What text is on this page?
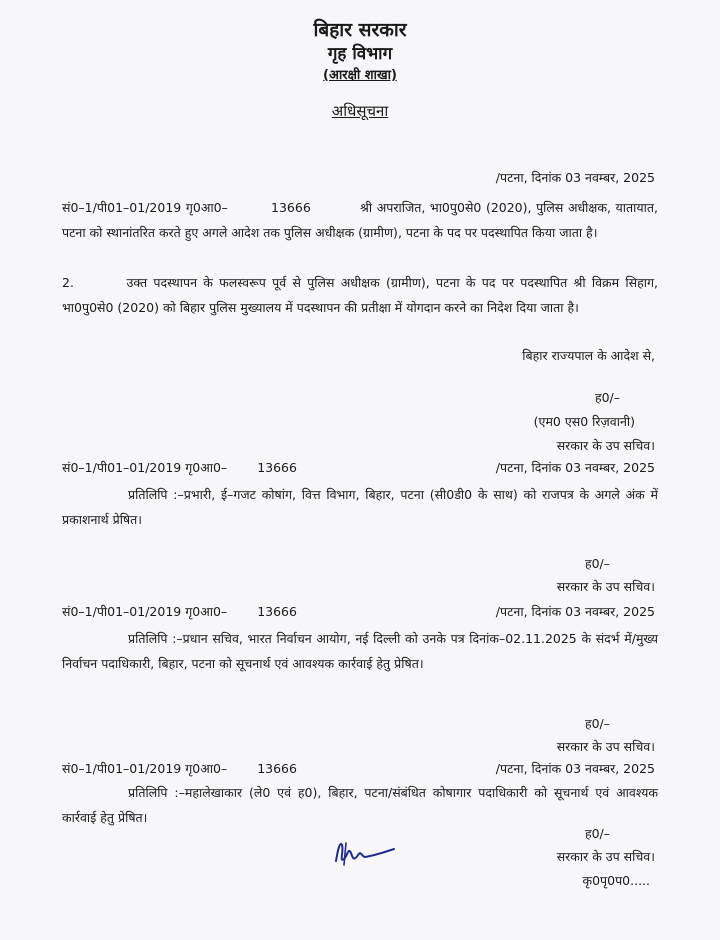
बिहार सरकार
गृह विभाग
(आरक्षी शाखा)
अधिसूचना
/पटना, दिनांक 03 नवम्बर, 2025
सं0–1/पी01–01/2019 गृ0आ0–	13666	श्री अपराजित, भा0पु0से0 (2020), पुलिस अधीक्षक, यातायात, पटना को स्थानांतरित करते हुए अगले आदेश तक पुलिस अधीक्षक (ग्रामीण), पटना के पद पर पदस्थापित किया जाता है।
2.	उक्त पदस्थापन के फलस्वरूप पूर्व से पुलिस अधीक्षक (ग्रामीण), पटना के पद पर पदस्थापित श्री विक्रम सिहाग, भा0पु0से0 (2020) को बिहार पुलिस मुख्यालय में पदस्थापन की प्रतीक्षा में योगदान करने का निदेश दिया जाता है।
बिहार राज्यपाल के आदेश से,
ह0/–
(एम0 एस0 रिज़वानी)
सरकार के उप सचिव।
सं0–1/पी01–01/2019 गृ0आ0– 13666	/पटना, दिनांक 03 नवम्बर, 2025
प्रतिलिपि :–प्रभारी, ई–गजट कोषांग, वित्त विभाग, बिहार, पटना (सी0डी0 के साथ) को राजपत्र के अगले अंक में प्रकाशनार्थ प्रेषित।
ह0/–
सरकार के उप सचिव।
सं0–1/पी01–01/2019 गृ0आ0– 13666	/पटना, दिनांक 03 नवम्बर, 2025
प्रतिलिपि :–प्रधान सचिव, भारत निर्वाचन आयोग, नई दिल्ली को उनके पत्र दिनांक–02.11.2025 के संदर्भ में/मुख्य निर्वाचन पदाधिकारी, बिहार, पटना को सूचनार्थ एवं आवश्यक कार्रवाई हेतु प्रेषित।
ह0/–
सरकार के उप सचिव।
सं0–1/पी01–01/2019 गृ0आ0– 13666	/पटना, दिनांक 03 नवम्बर, 2025
प्रतिलिपि :–महालेखाकार (ले0 एवं ह0), बिहार, पटना/संबंधित कोषागार पदाधिकारी को सूचनार्थ एवं आवश्यक कार्रवाई हेतु प्रेषित।
ह0/–
सरकार के उप सचिव।
कृ0पृ0प0.....
